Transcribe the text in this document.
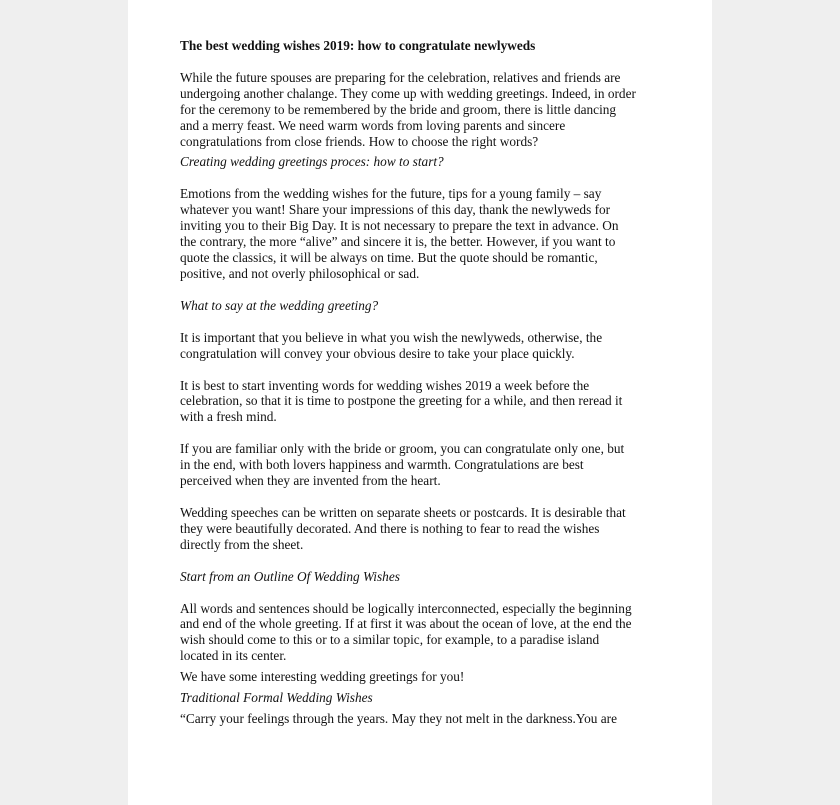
The best wedding wishes 2019: how to congratulate newlyweds

While the future spouses are preparing for the celebration, relatives and friends are
undergoing another chalange. They come up with wedding greetings. Indeed, in order
for the ceremony to be remembered by the bride and groom, there is little dancing
and a merry feast. We need warm words from loving parents and sincere
congratulations from close friends. How to choose the right words?

Creating wedding greetings proces: how to start?

Emotions from the wedding wishes for the future, tips for a young family – say
whatever you want! Share your impressions of this day, thank the newlyweds for
inviting you to their Big Day. It is not necessary to prepare the text in advance. On
the contrary, the more “alive” and sincere it is, the better. However, if you want to
quote the classics, it will be always on time. But the quote should be romantic,
positive, and not overly philosophical or sad.

What to say at the wedding greeting?

It is important that you believe in what you wish the newlyweds, otherwise, the
congratulation will convey your obvious desire to take your place quickly.

It is best to start inventing words for wedding wishes 2019 a week before the
celebration, so that it is time to postpone the greeting for a while, and then reread it
with a fresh mind.

If you are familiar only with the bride or groom, you can congratulate only one, but
in the end, with both lovers happiness and warmth. Congratulations are best
perceived when they are invented from the heart.

Wedding speeches can be written on separate sheets or postcards. It is desirable that
they were beautifully decorated. And there is nothing to fear to read the wishes
directly from the sheet.

Start from an Outline Of Wedding Wishes

All words and sentences should be logically interconnected, especially the beginning
and end of the whole greeting. If at first it was about the ocean of love, at the end the
wish should come to this or to a similar topic, for example, to a paradise island
located in its center.

We have some interesting wedding greetings for you!

Traditional Formal Wedding Wishes

“Carry your feelings through the years. May they not melt in the darkness.You are
